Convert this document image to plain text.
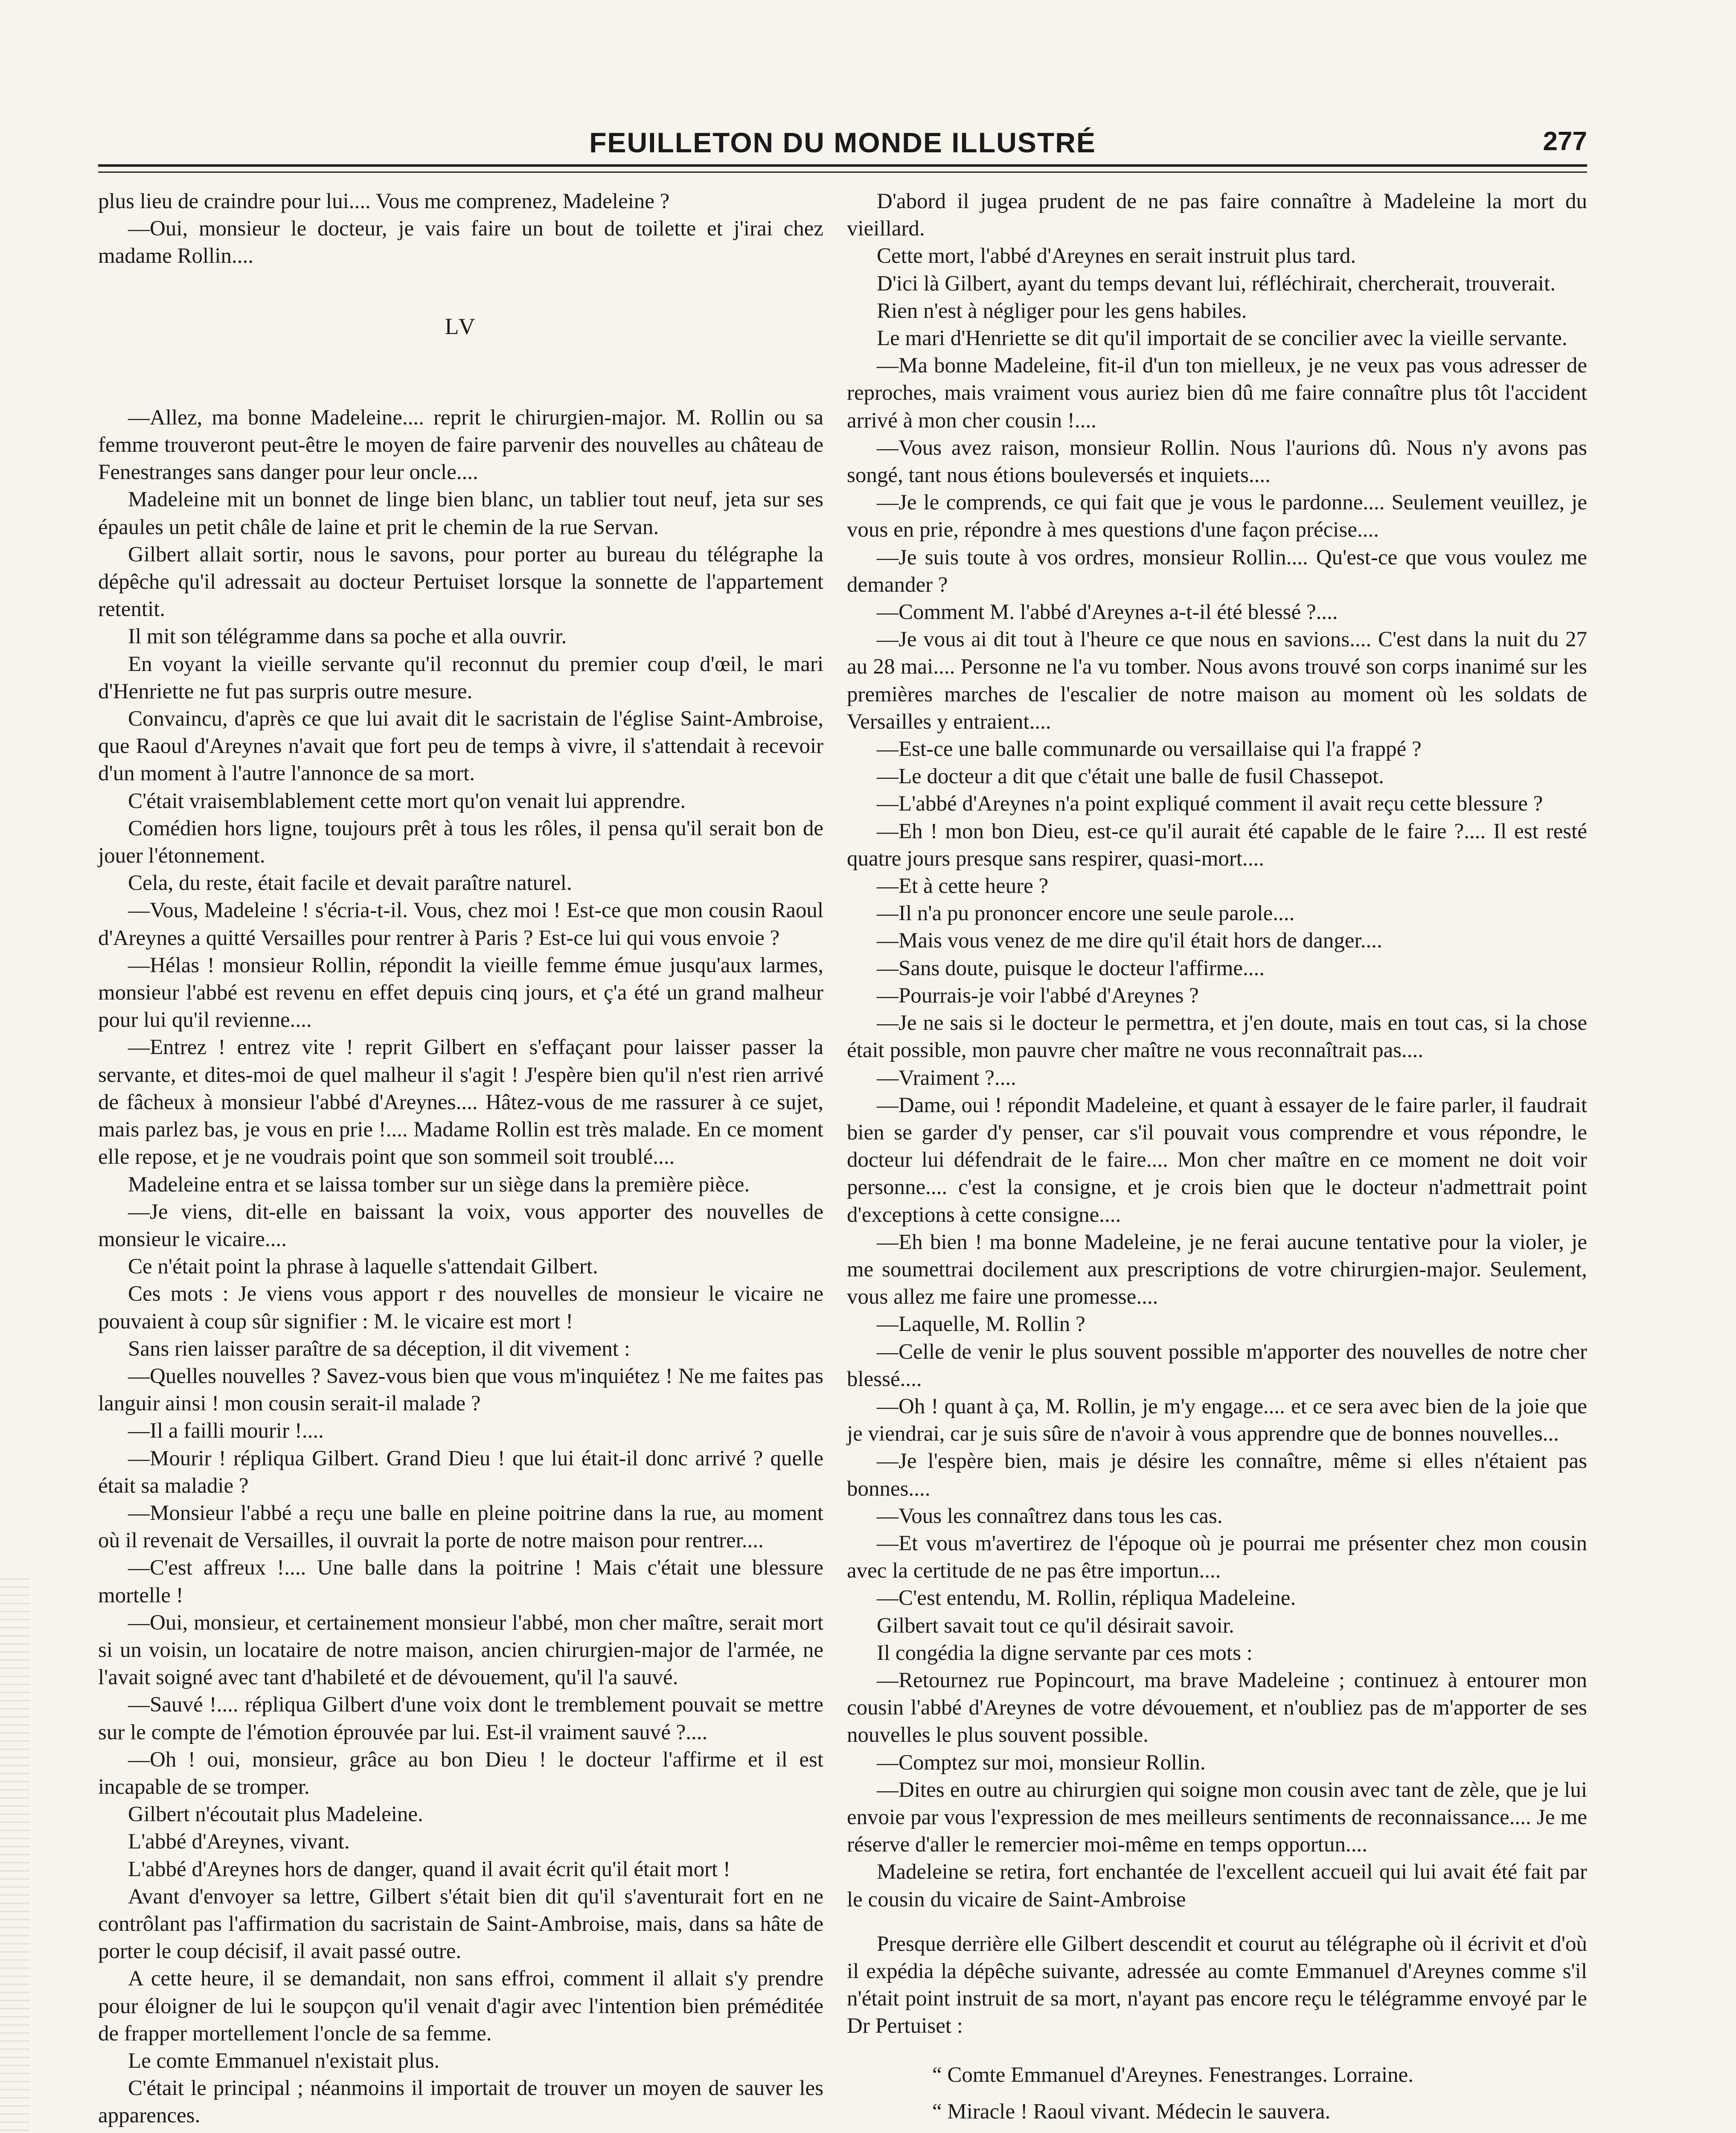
FEUILLETON DU MONDE ILLUSTRÉ	277

plus lieu de craindre pour lui.... Vous me comprenez, Madeleine ?

—Oui, monsieur le docteur, je vais faire un bout de toilette et j'irai chez madame Rollin....

LV

—Allez, ma bonne Madeleine.... reprit le chirurgien-major. M. Rollin ou sa femme trouveront peut-être le moyen de faire parvenir des nouvelles au château de Fenestranges sans danger pour leur oncle....

Madeleine mit un bonnet de linge bien blanc, un tablier tout neuf, jeta sur ses épaules un petit châle de laine et prit le chemin de la rue Servan.

Gilbert allait sortir, nous le savons, pour porter au bureau du télégraphe la dépêche qu'il adressait au docteur Pertuiset lorsque la sonnette de l'appartement retentit.

Il mit son télégramme dans sa poche et alla ouvrir.

En voyant la vieille servante qu'il reconnut du premier coup d'œil, le mari d'Henriette ne fut pas surpris outre mesure.

Convaincu, d'après ce que lui avait dit le sacristain de l'église Saint-Ambroise, que Raoul d'Areynes n'avait que fort peu de temps à vivre, il s'attendait à recevoir d'un moment à l'autre l'annonce de sa mort.

C'était vraisemblablement cette mort qu'on venait lui apprendre.

Comédien hors ligne, toujours prêt à tous les rôles, il pensa qu'il serait bon de jouer l'étonnement.

Cela, du reste, était facile et devait paraître naturel.

—Vous, Madeleine ! s'écria-t-il. Vous, chez moi ! Est-ce que mon cousin Raoul d'Areynes a quitté Versailles pour rentrer à Paris ? Est-ce lui qui vous envoie ?

—Hélas ! monsieur Rollin, répondit la vieille femme émue jusqu'aux larmes, monsieur l'abbé est revenu en effet depuis cinq jours, et ç'a été un grand malheur pour lui qu'il revienne....

—Entrez ! entrez vite ! reprit Gilbert en s'effaçant pour laisser passer la servante, et dites-moi de quel malheur il s'agit ! J'espère bien qu'il n'est rien arrivé de fâcheux à monsieur l'abbé d'Areynes.... Hâtez-vous de me rassurer à ce sujet, mais parlez bas, je vous en prie !.... Madame Rollin est très malade. En ce moment elle repose, et je ne voudrais point que son sommeil soit troublé....

Madeleine entra et se laissa tomber sur un siège dans la première pièce.

—Je viens, dit-elle en baissant la voix, vous apporter des nouvelles de monsieur le vicaire....

Ce n'était point la phrase à laquelle s'attendait Gilbert.

Ces mots : Je viens vous apport r des nouvelles de monsieur le vicaire ne pouvaient à coup sûr signifier : M. le vicaire est mort !

Sans rien laisser paraître de sa déception, il dit vivement :

—Quelles nouvelles ? Savez-vous bien que vous m'inquiétez ! Ne me faites pas languir ainsi ! mon cousin serait-il malade ?

—Il a failli mourir !....

—Mourir ! répliqua Gilbert. Grand Dieu ! que lui était-il donc arrivé ? quelle était sa maladie ?

—Monsieur l'abbé a reçu une balle en pleine poitrine dans la rue, au moment où il revenait de Versailles, il ouvrait la porte de notre maison pour rentrer....

—C'est affreux !.... Une balle dans la poitrine ! Mais c'était une blessure mortelle !

—Oui, monsieur, et certainement monsieur l'abbé, mon cher maître, serait mort si un voisin, un locataire de notre maison, ancien chirurgien-major de l'armée, ne l'avait soigné avec tant d'habileté et de dévouement, qu'il l'a sauvé.

—Sauvé !.... répliqua Gilbert d'une voix dont le tremblement pouvait se mettre sur le compte de l'émotion éprouvée par lui. Est-il vraiment sauvé ?....

—Oh ! oui, monsieur, grâce au bon Dieu ! le docteur l'affirme et il est incapable de se tromper.

Gilbert n'écoutait plus Madeleine.

L'abbé d'Areynes, vivant.

L'abbé d'Areynes hors de danger, quand il avait écrit qu'il était mort !

Avant d'envoyer sa lettre, Gilbert s'était bien dit qu'il s'aventurait fort en ne contrôlant pas l'affirmation du sacristain de Saint-Ambroise, mais, dans sa hâte de porter le coup décisif, il avait passé outre.

A cette heure, il se demandait, non sans effroi, comment il allait s'y prendre pour éloigner de lui le soupçon qu'il venait d'agir avec l'intention bien préméditée de frapper mortellement l'oncle de sa femme.

Le comte Emmanuel n'existait plus.

C'était le principal ; néanmoins il importait de trouver un moyen de sauver les apparences.

D'abord il jugea prudent de ne pas faire connaître à Madeleine la mort du vieillard.

Cette mort, l'abbé d'Areynes en serait instruit plus tard.

D'ici là Gilbert, ayant du temps devant lui, réfléchirait, chercherait, trouverait.

Rien n'est à négliger pour les gens habiles.

Le mari d'Henriette se dit qu'il importait de se concilier avec la vieille servante.

—Ma bonne Madeleine, fit-il d'un ton mielleux, je ne veux pas vous adresser de reproches, mais vraiment vous auriez bien dû me faire connaître plus tôt l'accident arrivé à mon cher cousin !....

—Vous avez raison, monsieur Rollin. Nous l'aurions dû. Nous n'y avons pas songé, tant nous étions bouleversés et inquiets....

—Je le comprends, ce qui fait que je vous le pardonne.... Seulement veuillez, je vous en prie, répondre à mes questions d'une façon précise....

—Je suis toute à vos ordres, monsieur Rollin.... Qu'est-ce que vous voulez me demander ?

—Comment M. l'abbé d'Areynes a-t-il été blessé ?....

—Je vous ai dit tout à l'heure ce que nous en savions.... C'est dans la nuit du 27 au 28 mai.... Personne ne l'a vu tomber. Nous avons trouvé son corps inanimé sur les premières marches de l'escalier de notre maison au moment où les soldats de Versailles y entraient....

—Est-ce une balle communarde ou versaillaise qui l'a frappé ?

—Le docteur a dit que c'était une balle de fusil Chassepot.

—L'abbé d'Areynes n'a point expliqué comment il avait reçu cette blessure ?

—Eh ! mon bon Dieu, est-ce qu'il aurait été capable de le faire ?.... Il est resté quatre jours presque sans respirer, quasi-mort....

—Et à cette heure ?

—Il n'a pu prononcer encore une seule parole....

—Mais vous venez de me dire qu'il était hors de danger....

—Sans doute, puisque le docteur l'affirme....

—Pourrais-je voir l'abbé d'Areynes ?

—Je ne sais si le docteur le permettra, et j'en doute, mais en tout cas, si la chose était possible, mon pauvre cher maître ne vous reconnaîtrait pas....

—Vraiment ?....

—Dame, oui ! répondit Madeleine, et quant à essayer de le faire parler, il faudrait bien se garder d'y penser, car s'il pouvait vous comprendre et vous répondre, le docteur lui défendrait de le faire.... Mon cher maître en ce moment ne doit voir personne.... c'est la consigne, et je crois bien que le docteur n'admettrait point d'exceptions à cette consigne....

—Eh bien ! ma bonne Madeleine, je ne ferai aucune tentative pour la violer, je me soumettrai docilement aux prescriptions de votre chirurgien-major. Seulement, vous allez me faire une promesse....

—Laquelle, M. Rollin ?

—Celle de venir le plus souvent possible m'apporter des nouvelles de notre cher blessé....

—Oh ! quant à ça, M. Rollin, je m'y engage.... et ce sera avec bien de la joie que je viendrai, car je suis sûre de n'avoir à vous apprendre que de bonnes nouvelles...

—Je l'espère bien, mais je désire les connaître, même si elles n'étaient pas bonnes....

—Vous les connaîtrez dans tous les cas.

—Et vous m'avertirez de l'époque où je pourrai me présenter chez mon cousin avec la certitude de ne pas être importun....

—C'est entendu, M. Rollin, répliqua Madeleine.

Gilbert savait tout ce qu'il désirait savoir.

Il congédia la digne servante par ces mots :

—Retournez rue Popincourt, ma brave Madeleine ; continuez à entourer mon cousin l'abbé d'Areynes de votre dévouement, et n'oubliez pas de m'apporter de ses nouvelles le plus souvent possible.

—Comptez sur moi, monsieur Rollin.

—Dites en outre au chirurgien qui soigne mon cousin avec tant de zèle, que je lui envoie par vous l'expression de mes meilleurs sentiments de reconnaissance.... Je me réserve d'aller le remercier moi-même en temps opportun....

Madeleine se retira, fort enchantée de l'excellent accueil qui lui avait été fait par le cousin du vicaire de Saint-Ambroise

Presque derrière elle Gilbert descendit et courut au télégraphe où il écrivit et d'où il expédia la dépêche suivante, adressée au comte Emmanuel d'Areynes comme s'il n'était point instruit de sa mort, n'ayant pas encore reçu le télégramme envoyé par le Dr Pertuiset :

“ Comte Emmanuel d'Areynes. Fenestranges. Lorraine.

“ Miracle ! Raoul vivant. Médecin le sauvera.
